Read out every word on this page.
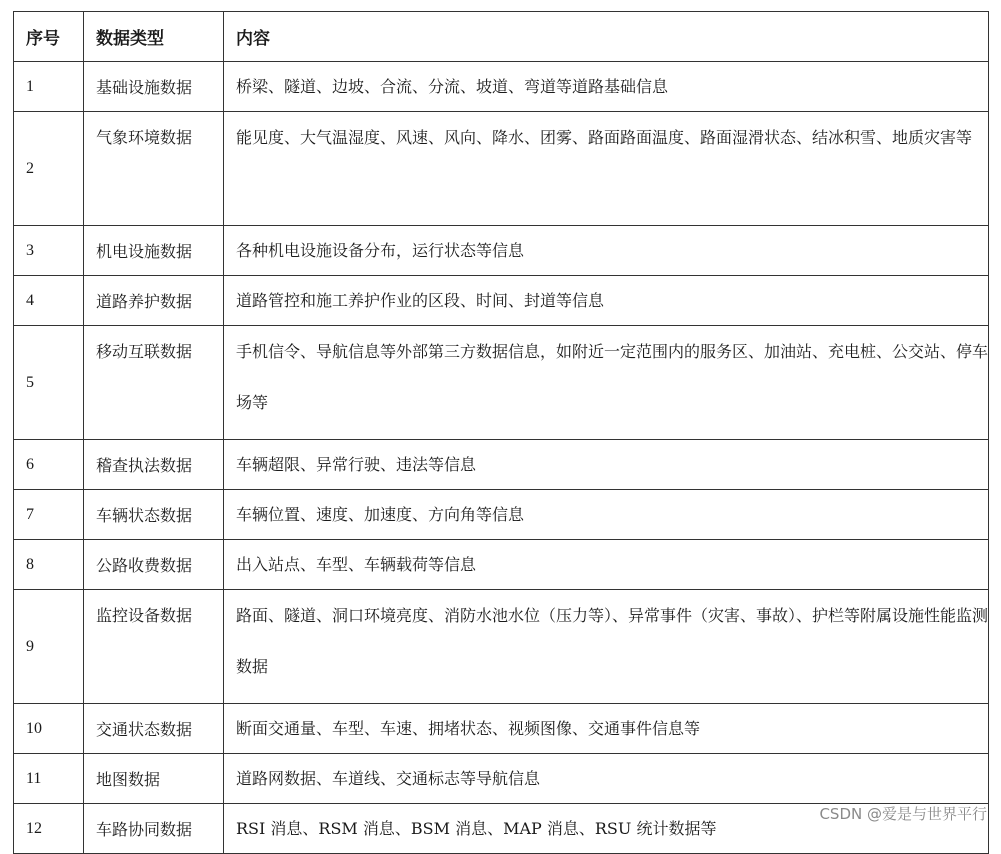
序号	数据类型	内容
1	基础设施数据	桥梁、隧道、边坡、合流、分流、坡道、弯道等道路基础信息
2	气象环境数据	能见度、大气温湿度、风速、风向、降水、团雾、路面路面温度、路面湿滑状态、结冰积雪、地质灾害等
3	机电设施数据	各种机电设施设备分布，运行状态等信息
4	道路养护数据	道路管控和施工养护作业的区段、时间、封道等信息
5	移动互联数据	手机信令、导航信息等外部第三方数据信息，如附近一定范围内的服务区、加油站、充电桩、公交站、停车场等
6	稽查执法数据	车辆超限、异常行驶、违法等信息
7	车辆状态数据	车辆位置、速度、加速度、方向角等信息
8	公路收费数据	出入站点、车型、车辆载荷等信息
9	监控设备数据	路面、隧道、洞口环境亮度、消防水池水位（压力等）、异常事件（灾害、事故）、护栏等附属设施性能监测数据
10	交通状态数据	断面交通量、车型、车速、拥堵状态、视频图像、交通事件信息等
11	地图数据	道路网数据、车道线、交通标志等导航信息
12	车路协同数据	RSI 消息、RSM 消息、BSM 消息、MAP 消息、RSU 统计数据等
CSDN @爱是与世界平行
